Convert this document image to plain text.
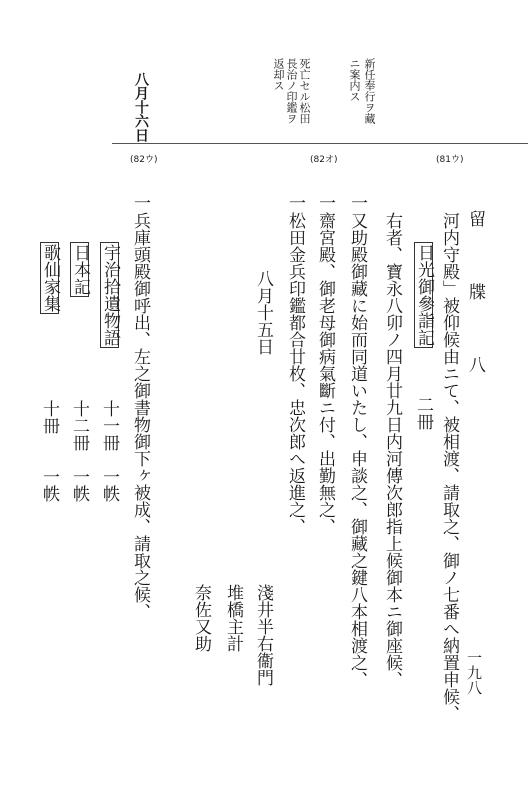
留 牒 八
一九八
新任奉行ヲ藏
ニ案内ス
死亡セル松田
長治ノ印鑑ヲ
返却ス
八月十六日
(81ウ)
(82オ)
(82ウ)
河内守殿」被仰候由ニて、被相渡、請取之、御ノ七番へ納置申候、
日光御參詣記
二冊
右者、寶永八卯ノ四月廿九日内河傳次郎指上候御本ニ御座候、
一
又助殿御藏に始而同道いたし、申談之、御藏之鍵八本相渡之、
一
齋宮殿、御老母御病氣斷ニ付、出勤無之、
一
松田金兵印鑑都合廿枚、忠次郎へ返進之、
八月十五日
淺井半右衞門
堆橋主計
奈佐又助
一
兵庫頭殿御呼出、左之御書物御下ヶ被成、請取之候、
宇治拾遺物語
十一冊
一帙
日本記
十二冊
一帙
歌仙家集
十冊
一帙
